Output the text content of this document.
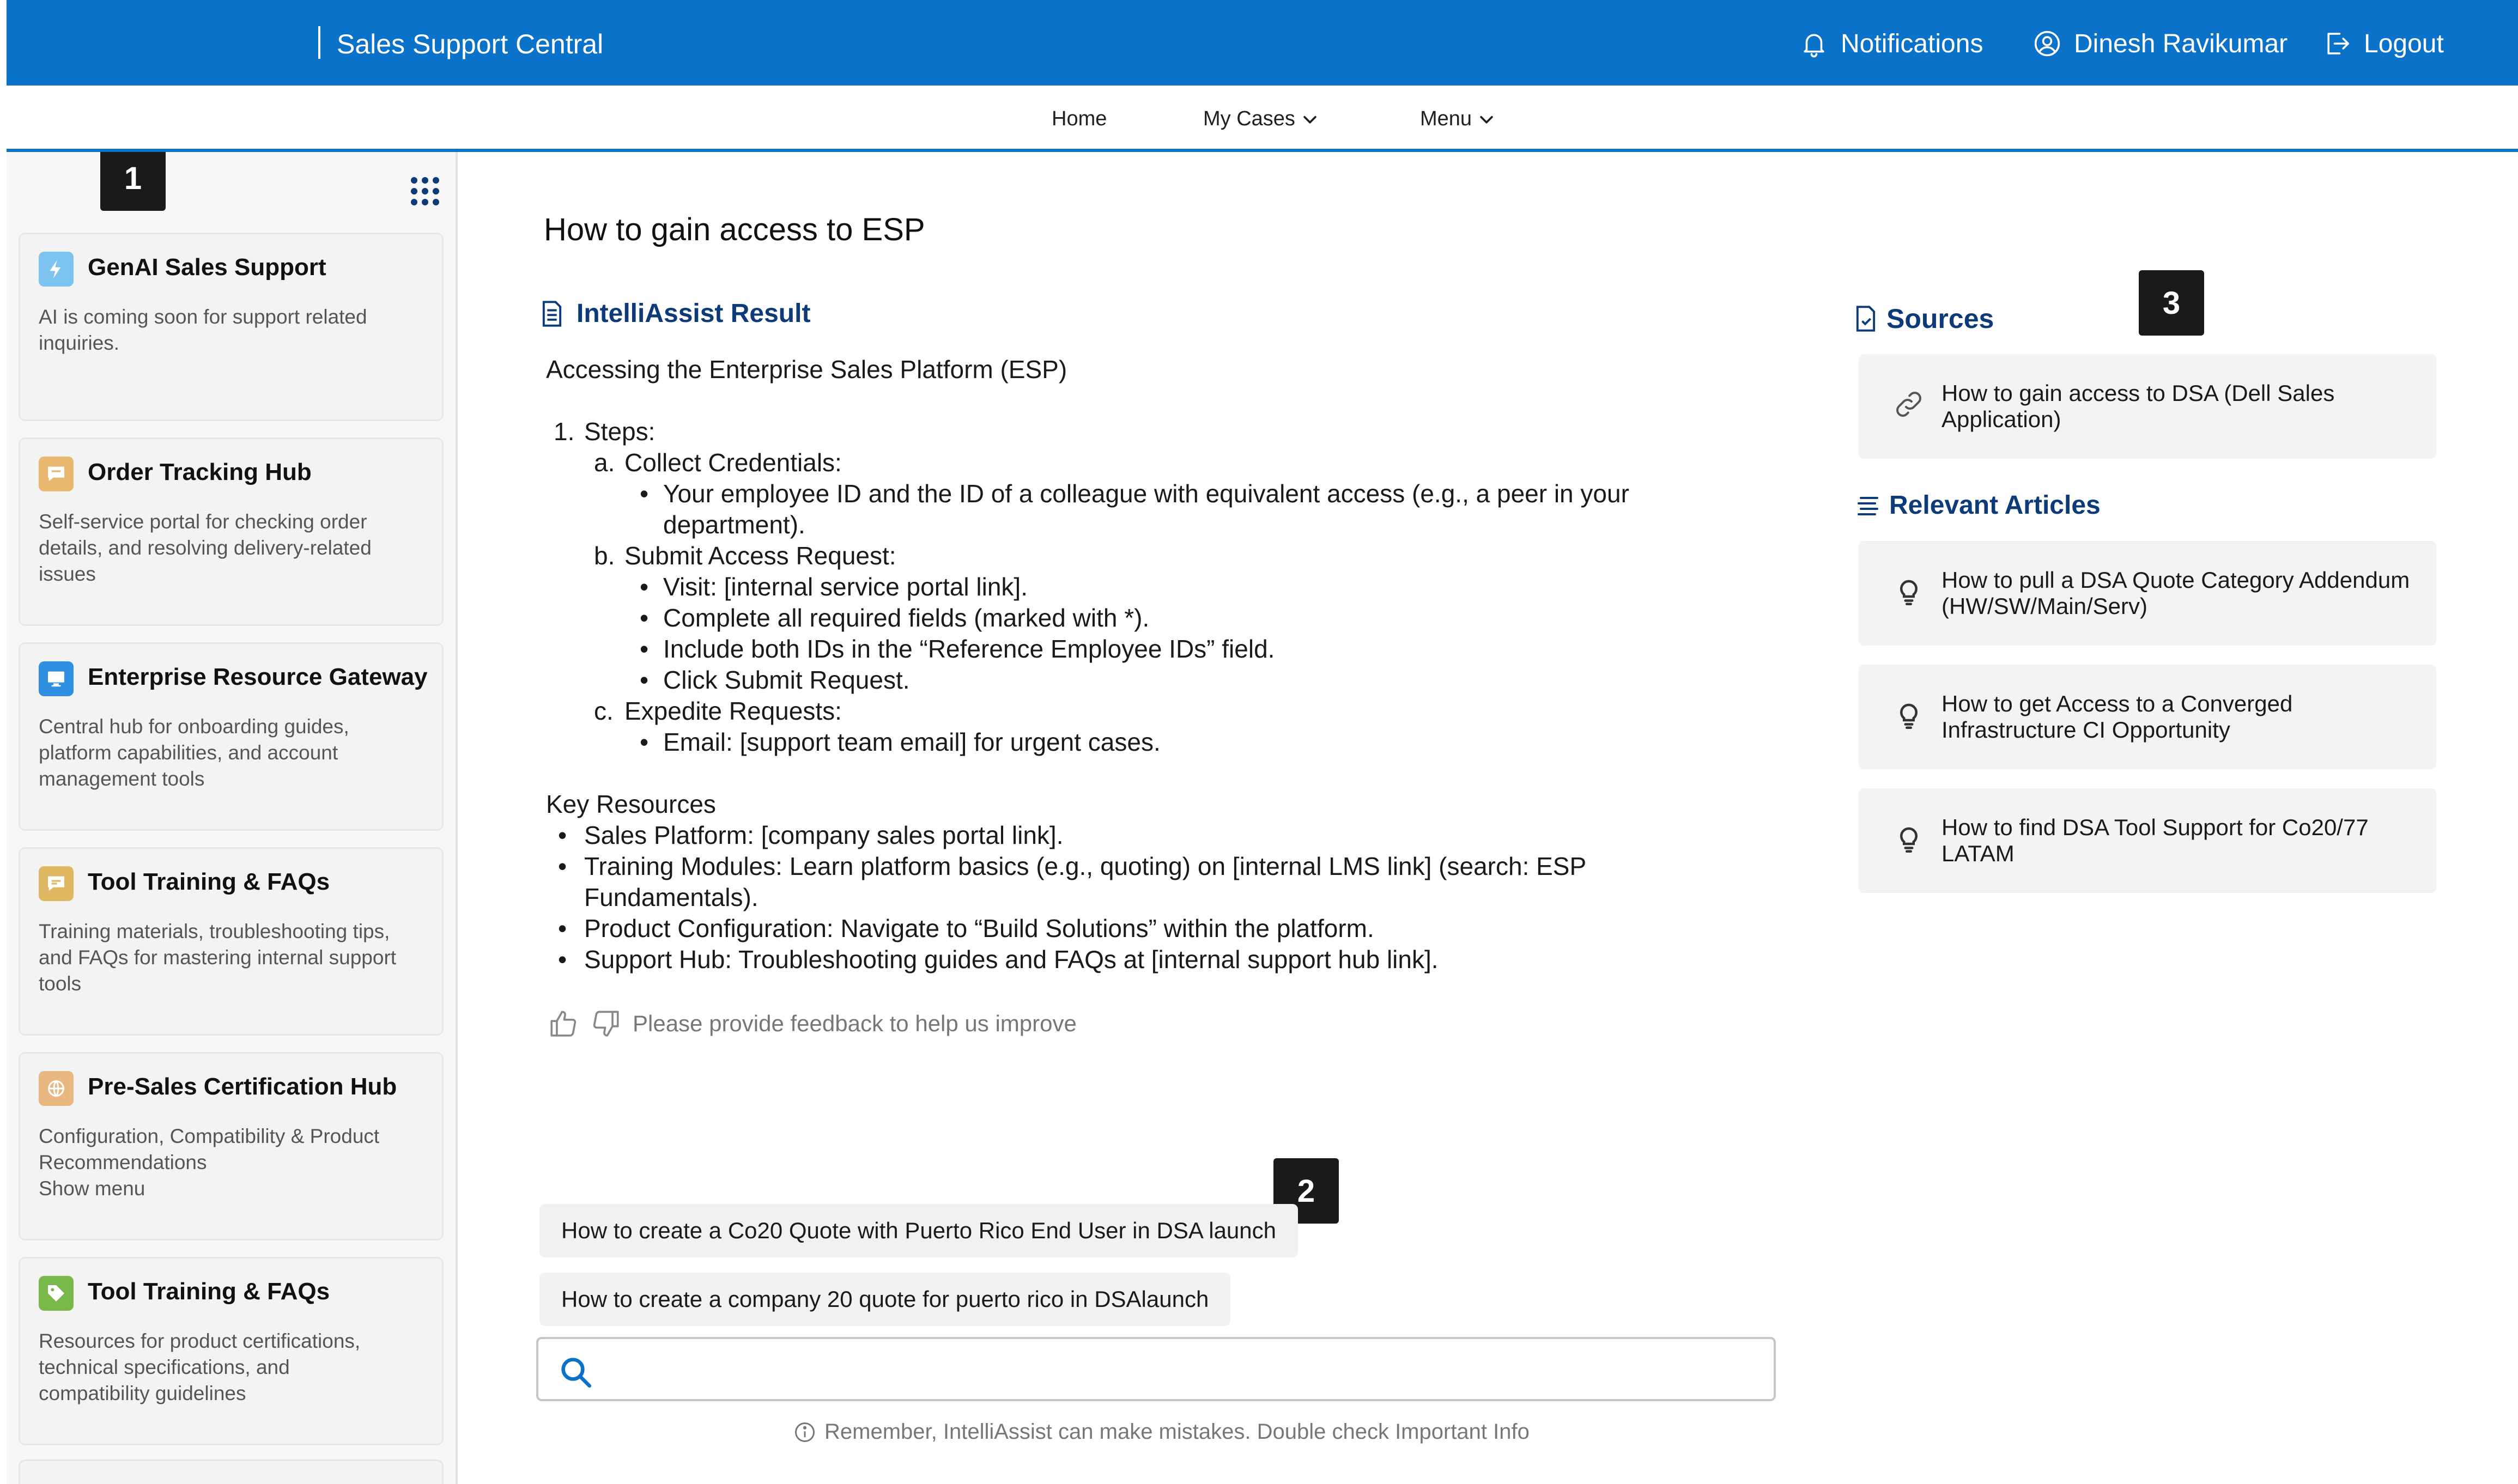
Sales Support Central	Notifications	Dinesh Ravikumar	Logout
Home	My Cases	Menu
1
GenAI Sales Support
AI is coming soon for support related
inquiries.
Order Tracking Hub
Self-service portal for checking order
details, and resolving delivery-related
issues
Enterprise Resource Gateway
Central hub for onboarding guides,
platform capabilities, and account
management tools
Tool Training & FAQs
Training materials, troubleshooting tips,
and FAQs for mastering internal support
tools
Pre-Sales Certification Hub
Configuration, Compatibility & Product
Recommendations
Show menu
Tool Training & FAQs
Resources for product certifications,
technical specifications, and
compatibility guidelines
How to gain access to ESP
IntelliAssist Result
Accessing the Enterprise Sales Platform (ESP)
1. Steps:
a. Collect Credentials:
• Your employee ID and the ID of a colleague with equivalent access (e.g., a peer in your
department).
b. Submit Access Request:
• Visit: [internal service portal link].
• Complete all required fields (marked with *).
• Include both IDs in the “Reference Employee IDs” field.
• Click Submit Request.
c. Expedite Requests:
• Email: [support team email] for urgent cases.
Key Resources
• Sales Platform: [company sales portal link].
• Training Modules: Learn platform basics (e.g., quoting) on [internal LMS link] (search: ESP
Fundamentals).
• Product Configuration: Navigate to “Build Solutions” within the platform.
• Support Hub: Troubleshooting guides and FAQs at [internal support hub link].
Please provide feedback to help us improve
2
How to create a Co20 Quote with Puerto Rico End User in DSA launch
How to create a company 20 quote for puerto rico in DSAlaunch
Remember, IntelliAssist can make mistakes. Double check Important Info
Sources	3
How to gain access to DSA (Dell Sales
Application)
Relevant Articles
How to pull a DSA Quote Category Addendum
(HW/SW/Main/Serv)
How to get Access to a Converged
Infrastructure CI Opportunity
How to find DSA Tool Support for Co20/77
LATAM
